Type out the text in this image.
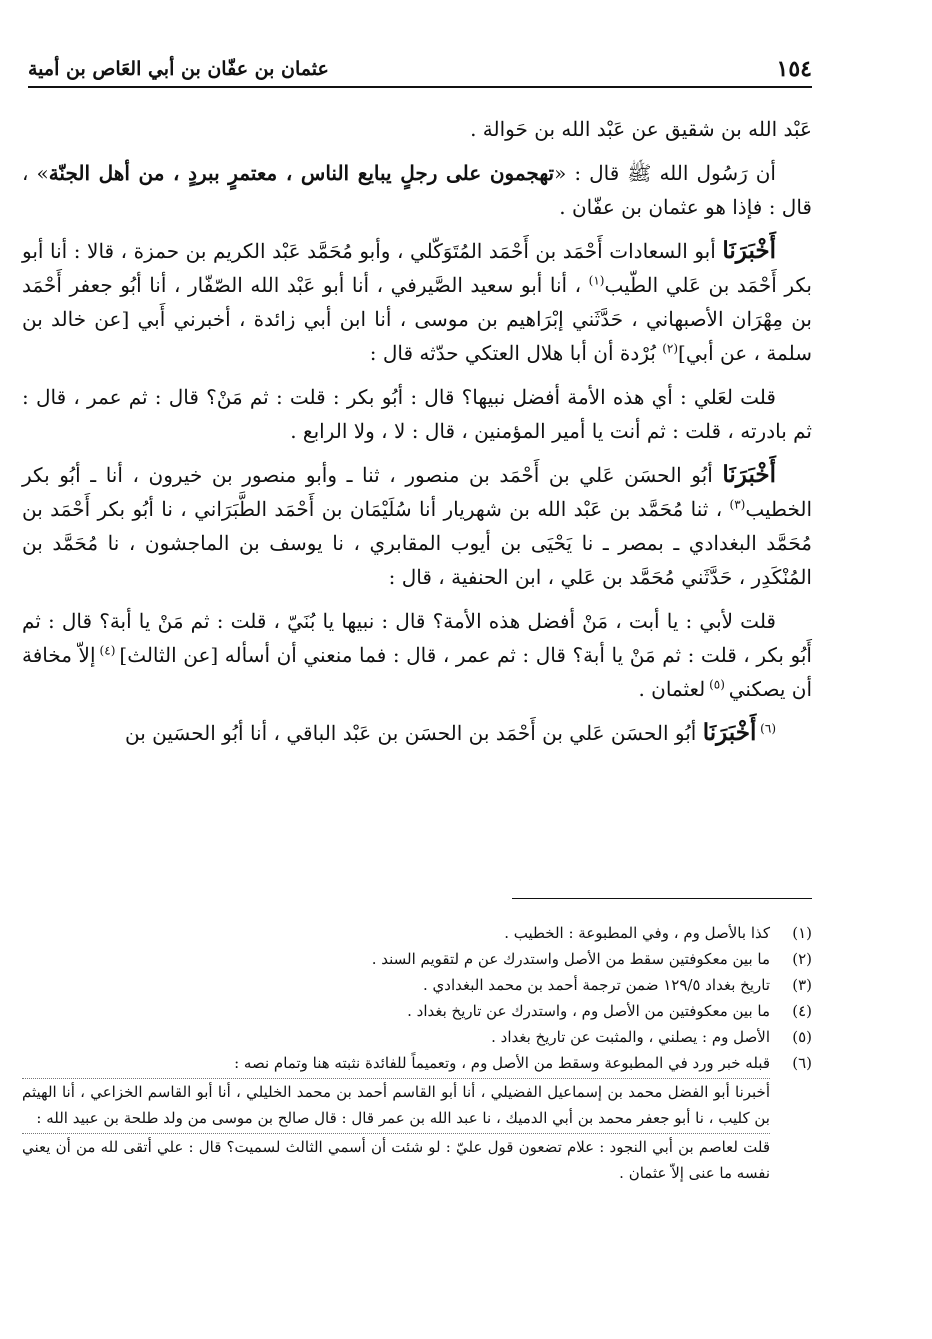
١٥٤
عثمان بن عفّان بن أبي العَاص بن أمية

عَبْد الله بن شقيق عن عَبْد الله بن حَوالة .

أن رَسُول الله ﷺ قال : «تهجمون على رجلٍ يبايع الناس ، معتمرٍ ببردٍ ، من أهل الجنّة» ، قال : فإذا هو عثمان بن عفّان .

أَخْبَرَنَا أبو السعادات أَحْمَد بن أَحْمَد المُتَوَكّلي ، وأبو مُحَمَّد عَبْد الكريم بن حمزة ، قالا : أنا أبو بكر أَحْمَد بن عَلي الطّيب$^{(١)}$ ، أنا أبو سعيد الصَّيرفي ، أنا أبو عَبْد الله الصّفّار ، أنا أبُو جعفر أَحْمَد بن مِهْرَان الأصبهاني ، حَدَّثَني إبْرَاهيم بن موسى ، أنا ابن أبي زائدة ، أخبرني أَبي [عن خالد بن سلمة ، عن أبي]$^{(٢)}$ بُرْدة أن أبا هلال العتكي حدّثه قال :

قلت لعَلي : أي هذه الأمة أفضل نبيها؟ قال : أبُو بكر : قلت : ثم مَنْ؟ قال : ثم عمر ، قال : ثم بادرته ، قلت : ثم أنت يا أمير المؤمنين ، قال : لا ، ولا الرابع .

أَخْبَرَنَا أبُو الحسَن عَلي بن أَحْمَد بن منصور ، ثنا ـ وأبو منصور بن خيرون ، أنا ـ أبُو بكر الخطيب$^{(٣)}$ ، ثنا مُحَمَّد بن عَبْد الله بن شهريار أنا سُلَيْمَان بن أَحْمَد الطَّبَرَاني ، نا أبُو بكر أَحْمَد بن مُحَمَّد البغدادي ـ بمصر ـ نا يَحْيَى بن أيوب المقابري ، نا يوسف بن الماجشون ، نا مُحَمَّد بن المُنْكَدِر ، حَدَّثَني مُحَمَّد بن عَلي ، ابن الحنفية ، قال :

قلت لأبي : يا أبت ، مَنْ أفضل هذه الأمة؟ قال : نبيها يا بُنَيّ ، قلت : ثم مَنْ يا أبة؟ قال : ثم أَبُو بكر ، قلت : ثم مَنْ يا أبة؟ قال : ثم عمر ، قال : فما منعني أن أسأله [عن الثالث] $^{(٤)}$ إلاّ مخافة أن يصكني $^{(٥)}$ لعثمان .

$^{(٦)}$ أَخْبَرَنَا أبُو الحسَن عَلي بن أَحْمَد بن الحسَن بن عَبْد الباقي ، أنا أبُو الحسَين بن

(١)
كذا بالأصل وم ، وفي المطبوعة : الخطيب .
(٢)
ما بين معكوفتين سقط من الأصل واستدرك عن م لتقويم السند .
(٣)
تاريخ بغداد ١٢٩/٥ ضمن ترجمة أحمد بن محمد البغدادي .
(٤)
ما بين معكوفتين من الأصل وم ، واستدرك عن تاريخ بغداد .
(٥)
الأصل وم : يصلني ، والمثبت عن تاريخ بغداد .
(٦)

قبله خبر ورد في المطبوعة وسقط من الأصل وم ، وتعميماً للفائدة نثبته هنا وتمام نصه :

أخبرنا أبو الفضل محمد بن إسماعيل الفضيلي ، أنا أبو القاسم أحمد بن محمد الخليلي ، أنا أبو القاسم الخزاعي ، أنا الهيثم بن كليب ، نا أبو جعفر محمد بن أبي الدميك ، نا عبد الله بن عمر قال : قال صالح بن موسى من ولد طلحة بن عبيد الله :

قلت لعاصم بن أبي النجود : علام تضعون قول عليّ : لو شئت أن أسمي الثالث لسميت؟ قال : علي أتقى لله من أن يعني نفسه ما عنى إلاّ عثمان .
